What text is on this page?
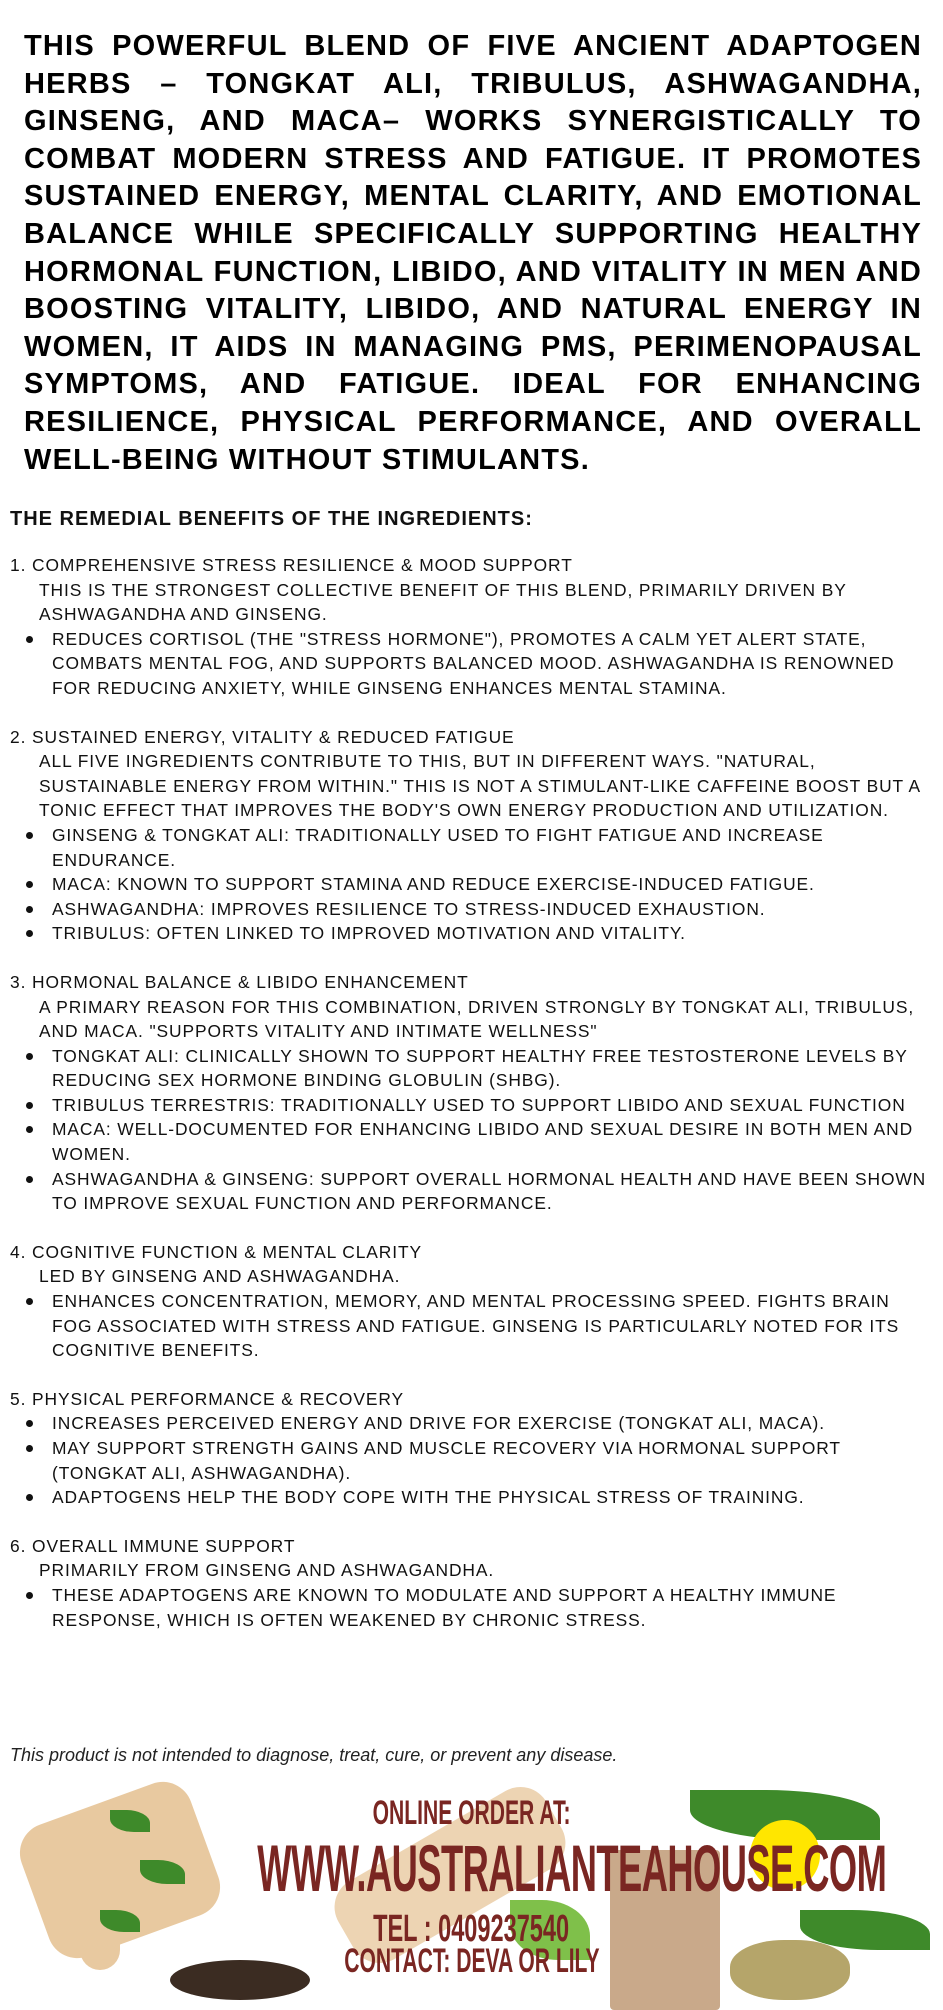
THIS POWERFUL BLEND OF FIVE ANCIENT ADAPTOGEN HERBS – TONGKAT ALI, TRIBULUS, ASHWAGANDHA, GINSENG, AND MACA– WORKS SYNERGISTICALLY TO COMBAT MODERN STRESS AND FATIGUE. IT PROMOTES SUSTAINED ENERGY, MENTAL CLARITY, AND EMOTIONAL BALANCE WHILE SPECIFICALLY SUPPORTING HEALTHY HORMONAL FUNCTION, LIBIDO, AND VITALITY IN MEN AND BOOSTING VITALITY, LIBIDO, AND NATURAL ENERGY IN WOMEN, IT AIDS IN MANAGING PMS, PERIMENOPAUSAL SYMPTOMS, AND FATIGUE. IDEAL FOR ENHANCING RESILIENCE, PHYSICAL PERFORMANCE, AND OVERALL WELL-BEING WITHOUT STIMULANTS.

THE REMEDIAL BENEFITS OF THE INGREDIENTS:

1. COMPREHENSIVE STRESS RESILIENCE & MOOD SUPPORT

THIS IS THE STRONGEST COLLECTIVE BENEFIT OF THIS BLEND, PRIMARILY DRIVEN BY ASHWAGANDHA AND GINSENG.

REDUCES CORTISOL (THE "STRESS HORMONE"), PROMOTES A CALM YET ALERT STATE, COMBATS MENTAL FOG, AND SUPPORTS BALANCED MOOD. ASHWAGANDHA IS RENOWNED FOR REDUCING ANXIETY, WHILE GINSENG ENHANCES MENTAL STAMINA.

2. SUSTAINED ENERGY, VITALITY & REDUCED FATIGUE

ALL FIVE INGREDIENTS CONTRIBUTE TO THIS, BUT IN DIFFERENT WAYS. "NATURAL, SUSTAINABLE ENERGY FROM WITHIN." THIS IS NOT A STIMULANT-LIKE CAFFEINE BOOST BUT A TONIC EFFECT THAT IMPROVES THE BODY'S OWN ENERGY PRODUCTION AND UTILIZATION.

GINSENG & TONGKAT ALI: TRADITIONALLY USED TO FIGHT FATIGUE AND INCREASE ENDURANCE.
MACA: KNOWN TO SUPPORT STAMINA AND REDUCE EXERCISE-INDUCED FATIGUE.
ASHWAGANDHA: IMPROVES RESILIENCE TO STRESS-INDUCED EXHAUSTION.
TRIBULUS: OFTEN LINKED TO IMPROVED MOTIVATION AND VITALITY.

3. HORMONAL BALANCE & LIBIDO ENHANCEMENT

A PRIMARY REASON FOR THIS COMBINATION, DRIVEN STRONGLY BY TONGKAT ALI, TRIBULUS, AND MACA. "SUPPORTS VITALITY AND INTIMATE WELLNESS"

TONGKAT ALI: CLINICALLY SHOWN TO SUPPORT HEALTHY FREE TESTOSTERONE LEVELS BY REDUCING SEX HORMONE BINDING GLOBULIN (SHBG).
TRIBULUS TERRESTRIS: TRADITIONALLY USED TO SUPPORT LIBIDO AND SEXUAL FUNCTION
MACA: WELL-DOCUMENTED FOR ENHANCING LIBIDO AND SEXUAL DESIRE IN BOTH MEN AND WOMEN.
ASHWAGANDHA & GINSENG: SUPPORT OVERALL HORMONAL HEALTH AND HAVE BEEN SHOWN TO IMPROVE SEXUAL FUNCTION AND PERFORMANCE.

4. COGNITIVE FUNCTION & MENTAL CLARITY

LED BY GINSENG AND ASHWAGANDHA.

ENHANCES CONCENTRATION, MEMORY, AND MENTAL PROCESSING SPEED. FIGHTS BRAIN FOG ASSOCIATED WITH STRESS AND FATIGUE. GINSENG IS PARTICULARLY NOTED FOR ITS COGNITIVE BENEFITS.

5. PHYSICAL PERFORMANCE & RECOVERY

INCREASES PERCEIVED ENERGY AND DRIVE FOR EXERCISE (TONGKAT ALI, MACA).
MAY SUPPORT STRENGTH GAINS AND MUSCLE RECOVERY VIA HORMONAL SUPPORT (TONGKAT ALI, ASHWAGANDHA).
ADAPTOGENS HELP THE BODY COPE WITH THE PHYSICAL STRESS OF TRAINING.

6. OVERALL IMMUNE SUPPORT

PRIMARILY FROM GINSENG AND ASHWAGANDHA.

THESE ADAPTOGENS ARE KNOWN TO MODULATE AND SUPPORT A HEALTHY IMMUNE RESPONSE, WHICH IS OFTEN WEAKENED BY CHRONIC STRESS.
This product is not intended to diagnose, treat, cure, or prevent any disease.
ONLINE ORDER AT:
WWW.AUSTRALIANTEAHOUSE.COM
TEL : 0409237540
CONTACT: DEVA OR LILY
